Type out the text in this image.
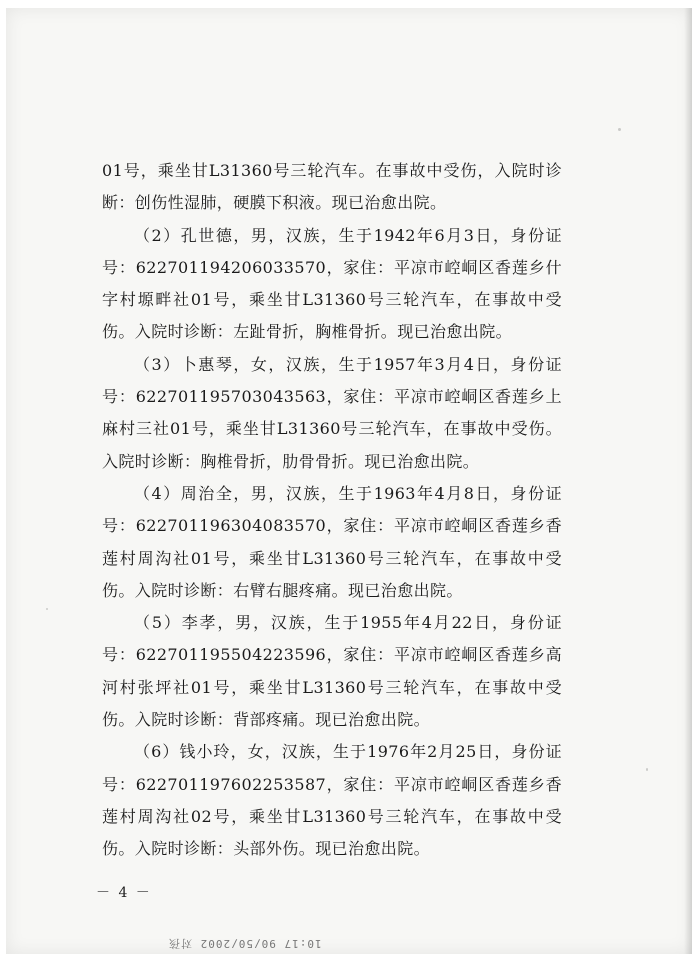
01号，乘坐甘L31360号三轮汽车。在事故中受伤，入院时诊断：创伤性湿肺，硬膜下积液。现已治愈出院。

（2）孔世德，男，汉族，生于1942年6月3日，身份证号：622701194206033570，家住：平凉市崆峒区香莲乡什字村塬畔社01号，乘坐甘L31360号三轮汽车，在事故中受伤。入院时诊断：左趾骨折，胸椎骨折。现已治愈出院。

（3）卜惠琴，女，汉族，生于1957年3月4日，身份证号：622701195703043563，家住：平凉市崆峒区香莲乡上麻村三社01号，乘坐甘L31360号三轮汽车，在事故中受伤。入院时诊断：胸椎骨折，肋骨骨折。现已治愈出院。

（4）周治全，男，汉族，生于1963年4月8日，身份证号：622701196304083570，家住：平凉市崆峒区香莲乡香莲村周沟社01号，乘坐甘L31360号三轮汽车，在事故中受伤。入院时诊断：右臂右腿疼痛。现已治愈出院。

（5）李孝，男，汉族，生于1955年4月22日，身份证号：622701195504223596，家住：平凉市崆峒区香莲乡高河村张坪社01号，乘坐甘L31360号三轮汽车，在事故中受伤。入院时诊断：背部疼痛。现已治愈出院。

（6）钱小玲，女，汉族，生于1976年2月25日，身份证号：622701197602253587，家住：平凉市崆峒区香莲乡香莲村周沟社02号，乘坐甘L31360号三轮汽车，在事故中受伤。入院时诊断：头部外伤。现已治愈出院。

－ 4 －
10:17 90/50/2002 对孩
